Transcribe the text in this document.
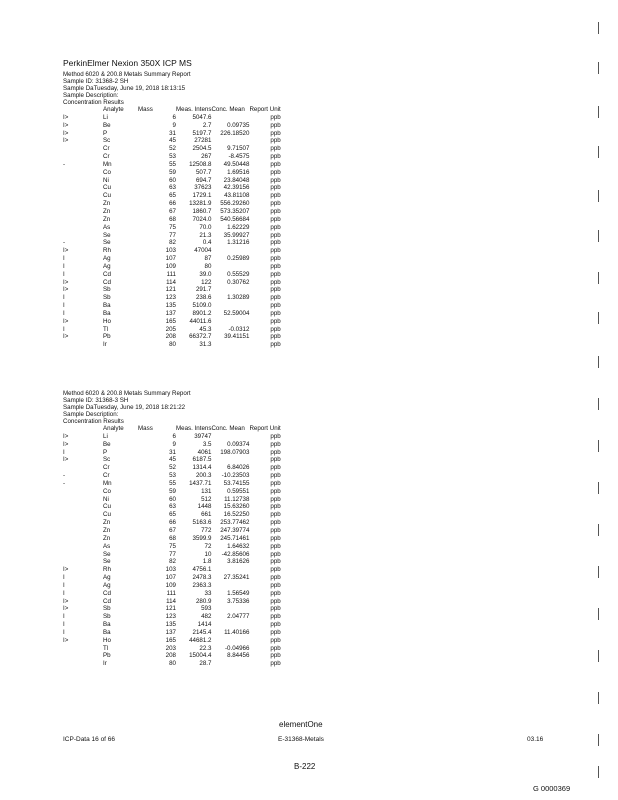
PerkinElmer Nexion 350X ICP MS
Method 6020 & 200.8 Metals Summary Report
Sample ID: 31368-2 SH
Sample DaTuesday, June 19, 2018 18:13:15
Sample Description:
Concentration Results
	Analyte	Mass	Meas. Intens	Conc. Mean	Report Unit
I>	Li	6	5047.6		ppb
I>	Be	9	2.7	0.09735	ppb
I>	P	31	5197.7	226.18520	ppb
I>	Sc	45	27281		ppb
	Cr	52	2504.5	9.71507	ppb
	Cr	53	267	-8.4575	ppb
-	Mn	55	12508.8	49.50448	ppb
	Co	59	507.7	1.69516	ppb
	Ni	60	694.7	23.84048	ppb
	Cu	63	37623	42.39156	ppb
	Cu	65	1729.1	43.81108	ppb
	Zn	66	13281.9	556.29260	ppb
	Zn	67	1860.7	573.35207	ppb
	Zn	68	7024.0	540.56684	ppb
	As	75	70.0	1.62229	ppb
	Se	77	21.3	35.99927	ppb
-	Se	82	0.4	1.31216	ppb
I>	Rh	103	47004		ppb
I	Ag	107	87	0.25989	ppb
I	Ag	109	80		ppb
I	Cd	111	39.0	0.55529	ppb
I>	Cd	114	122	0.30762	ppb
I>	Sb	121	291.7		ppb
I	Sb	123	238.6	1.30289	ppb
I	Ba	135	5109.0		ppb
I	Ba	137	8901.2	52.59004	ppb
I>	Ho	165	44011.6		ppb
I	Tl	205	45.3	-0.0312	ppb
I>	Pb	208	66372.7	39.41151	ppb
	Ir	80	31.3		ppb
Method 6020 & 200.8 Metals Summary Report
Sample ID: 31368-3 SH
Sample DaTuesday, June 19, 2018 18:21:22
Sample Description:
Concentration Results
	Analyte	Mass	Meas. Intens	Conc. Mean	Report Unit
I>	Li	6	39747		ppb
I>	Be	9	3.5	0.09374	ppb
I	P	31	4061	198.07903	ppb
I>	Sc	45	6187.5		ppb
	Cr	52	1314.4	6.84026	ppb
-	Cr	53	200.3	-10.23503	ppb
-	Mn	55	1437.71	53.74155	ppb
	Co	59	131	0.59551	ppb
	Ni	60	512	11.12738	ppb
	Cu	63	1448	15.63260	ppb
	Cu	65	661	16.52250	ppb
	Zn	66	5163.6	253.77462	ppb
	Zn	67	772	247.39774	ppb
	Zn	68	3599.9	245.71461	ppb
	As	75	72	1.64632	ppb
	Se	77	10	-42.85606	ppb
	Se	82	1.8	3.81626	ppb
I>	Rh	103	4756.1		ppb
I	Ag	107	2478.3	27.35241	ppb
I	Ag	109	2363.3		ppb
I	Cd	111	33	1.56549	ppb
I>	Cd	114	280.9	3.75336	ppb
I>	Sb	121	593		ppb
I	Sb	123	482	2.04777	ppb
I	Ba	135	1414		ppb
I	Ba	137	2145.4	11.40166	ppb
I>	Ho	165	44681.2		ppb
	Tl	203	22.3	-0.04966	ppb
	Pb	208	15004.4	8.84456	ppb
	Ir	80	28.7		ppb
elementOne
ICP-Data 16 of 66	E-31368-Metals	03.16
B-222
G 0000369
